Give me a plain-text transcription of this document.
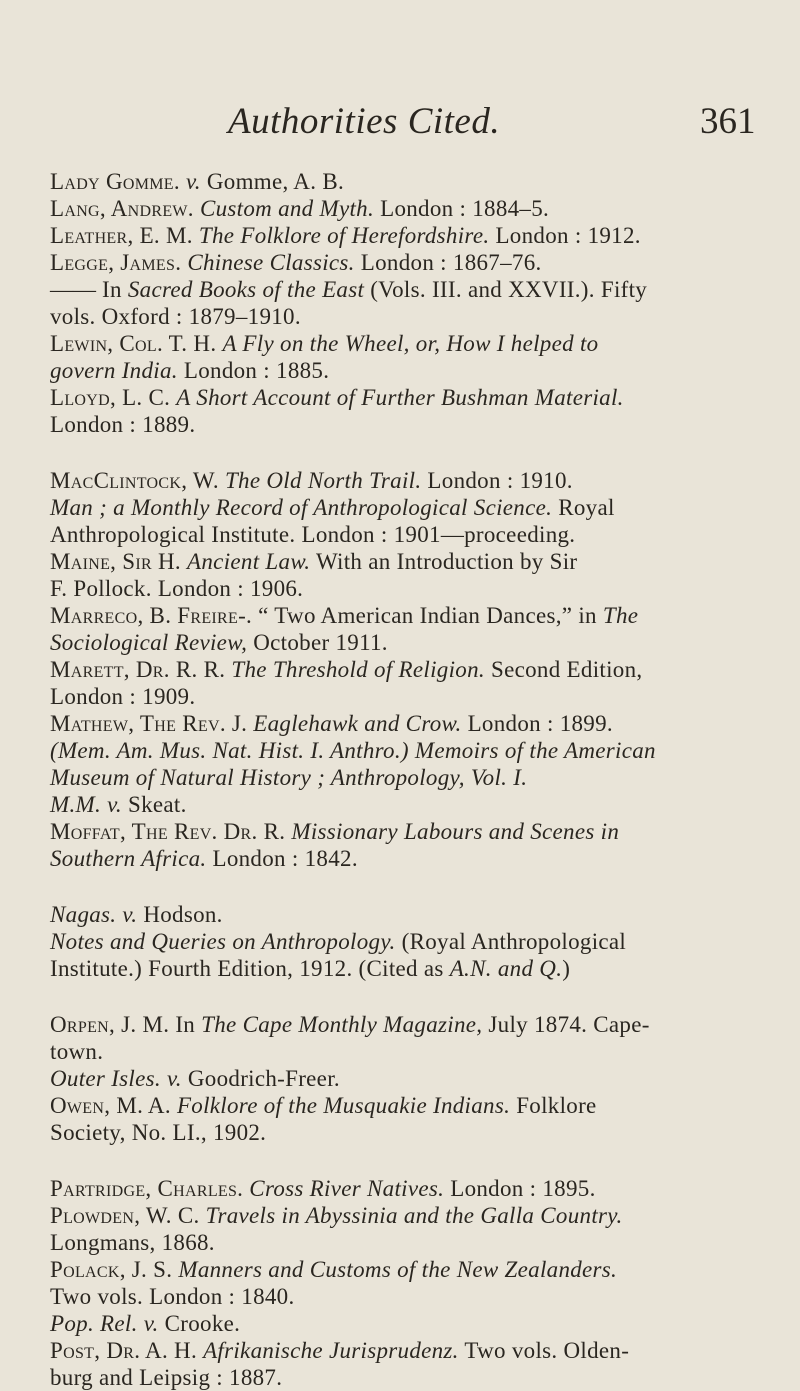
Authorities Cited.	361
Lady Gomme. v. Gomme, A. B.
Lang, Andrew. Custom and Myth. London : 1884–5.
Leather, E. M. The Folklore of Herefordshire. London : 1912.
Legge, James. Chinese Classics. London : 1867–76.
—— In Sacred Books of the East (Vols. III. and XXVII.). Fifty
vols. Oxford : 1879–1910.
Lewin, Col. T. H. A Fly on the Wheel, or, How I helped to
govern India. London : 1885.
Lloyd, L. C. A Short Account of Further Bushman Material.
London : 1889.
MacClintock, W. The Old North Trail. London : 1910.
Man ; a Monthly Record of Anthropological Science. Royal
Anthropological Institute. London : 1901—proceeding.
Maine, Sir H. Ancient Law. With an Introduction by Sir
F. Pollock. London : 1906.
Marreco, B. Freire-. “ Two American Indian Dances,” in The
Sociological Review, October 1911.
Marett, Dr. R. R. The Threshold of Religion. Second Edition,
London : 1909.
Mathew, The Rev. J. Eaglehawk and Crow. London : 1899.
(Mem. Am. Mus. Nat. Hist. I. Anthro.) Memoirs of the American
Museum of Natural History ; Anthropology, Vol. I.
M.M. v. Skeat.
Moffat, The Rev. Dr. R. Missionary Labours and Scenes in
Southern Africa. London : 1842.
Nagas. v. Hodson.
Notes and Queries on Anthropology. (Royal Anthropological
Institute.) Fourth Edition, 1912. (Cited as A.N. and Q.)
Orpen, J. M. In The Cape Monthly Magazine, July 1874. Cape-
town.
Outer Isles. v. Goodrich-Freer.
Owen, M. A. Folklore of the Musquakie Indians. Folklore
Society, No. LI., 1902.
Partridge, Charles. Cross River Natives. London : 1895.
Plowden, W. C. Travels in Abyssinia and the Galla Country.
Longmans, 1868.
Polack, J. S. Manners and Customs of the New Zealanders.
Two vols. London : 1840.
Pop. Rel. v. Crooke.
Post, Dr. A. H. Afrikanische Jurisprudenz. Two vols. Olden-
burg and Leipsig : 1887.
